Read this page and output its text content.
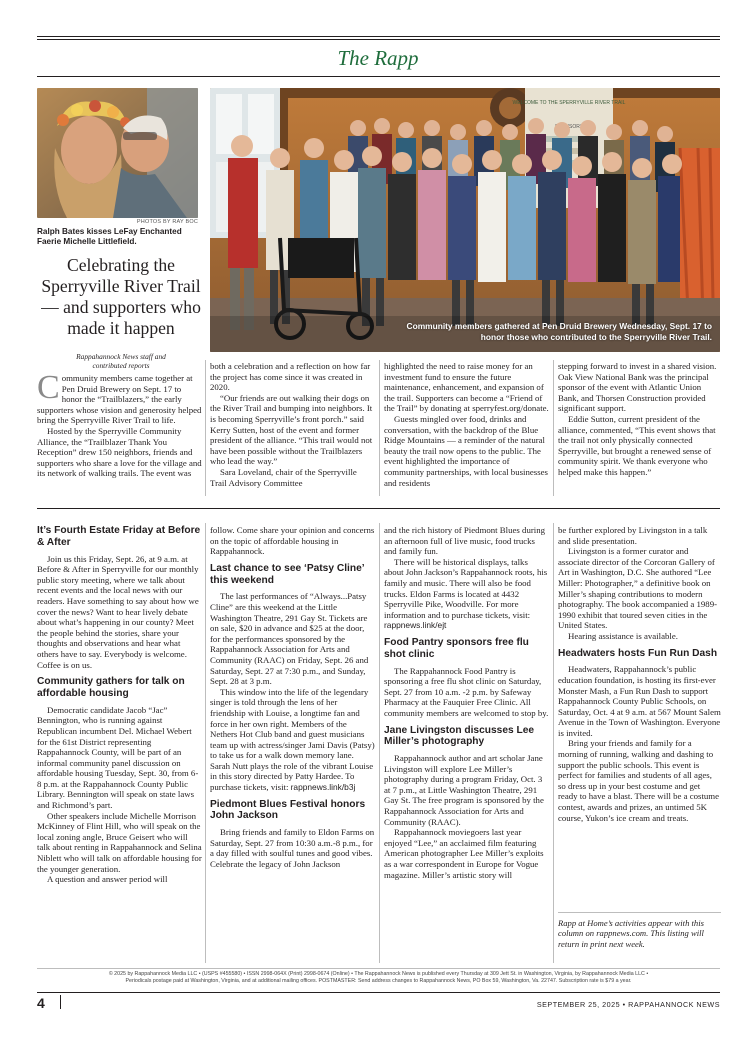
The Rapp
PHOTOS BY RAY BOC
Ralph Bates kisses LeFay Enchanted Faerie Michelle Littlefield.
WELCOME TO THE SPERRYVILLE RIVER TRAIL
Community members gathered at Pen Druid Brewery Wednesday, Sept. 17 to honor those who contributed to the Sperryville River Trail.
Celebrating the Sperryville River Trail — and supporters who made it happen
Rappahannock News staff and contributed reports

Community members came together at Pen Druid Brewery on Sept. 17 to honor the “Trailblazers,” the early supporters whose vision and generosity helped bring the Sperryville River Trail to life.

Hosted by the Sperryville Community Alliance, the “Trailblazer Thank You Reception” drew 150 neighbors, friends and supporters who share a love for the village and its network of walking trails. The event was

both a celebration and a reflection on how far the project has come since it was created in 2020.

“Our friends are out walking their dogs on the River Trail and bumping into neighbors. It is becoming Sperryville’s front porch.” said Kerry Sutten, host of the event and former president of the alliance. “This trail would not have been possible without the Trailblazers who lead the way.”

Sara Loveland, chair of the Sperryville Trail Advisory Committee

highlighted the need to raise money for an investment fund to ensure the future maintenance, enhancement, and expansion of the trail. Supporters can become a “Friend of the Trail” by donating at sperryfest.org/donate.

Guests mingled over food, drinks and conversation, with the backdrop of the Blue Ridge Mountains — a reminder of the natural beauty the trail now opens to the public. The event highlighted the importance of community partnerships, with local businesses and residents

stepping forward to invest in a shared vision. Oak View National Bank was the principal sponsor of the event with Atlantic Union Bank, and Thorsen Construction provided significant support.

Eddie Sutton, current president of the alliance, commented, “This event shows that the trail not only physically connected Sperryville, but brought a renewed sense of community spirit. We thank everyone who helped make this happen.”

It’s Fourth Estate Friday at Before & After

Join us this Friday, Sept. 26, at 9 a.m. at Before & After in Sperryville for our monthly public story meeting, where we talk about recent events and the local news with our readers. Have something to say about how we cover the news? Want to hear lively debate about what’s happening in our county? Meet the people behind the stories, share your thoughts and observations and hear what others have to say. Everybody is welcome. Coffee is on us.

Community gathers for talk on affordable housing

Democratic candidate Jacob “Jac” Bennington, who is running against Republican incumbent Del. Michael Webert for the 61st District representing Rappahannock County, will be part of an informal community panel discussion on affordable housing Tuesday, Sept. 30, from 6-8 p.m. at the Rappahannock County Public Library. Bennington will speak on state laws and Richmond’s part.

Other speakers include Michelle Morrison McKinney of Flint Hill, who will speak on the local zoning angle, Bruce Geisert who will talk about renting in Rappahannock and Selina Niblett who will talk on affordable housing for the younger generation.

A question and answer period will

follow. Come share your opinion and concerns on the topic of affordable housing in Rappahannock.

Last chance to see ‘Patsy Cline’ this weekend

The last performances of “Always...Patsy Cline” are this weekend at the Little Washington Theatre, 291 Gay St. Tickets are on sale, $20 in advance and $25 at the door, for the performances sponsored by the Rappahannock Association for Arts and Community (RAAC) on Friday, Sept. 26 and Saturday, Sept. 27 at 7:30 p.m., and Sunday, Sept. 28 at 3 p.m.

This window into the life of the legendary singer is told through the lens of her friendship with Louise, a longtime fan and force in her own right. Members of the Nethers Hot Club band and guest musicians team up with actress/singer Jami Davis (Patsy) to take us for a walk down memory lane. Sarah Nutt plays the role of the vibrant Louise in this story directed by Patty Hardee. To purchase tickets, visit: rappnews.link/b3j

Piedmont Blues Festival honors John Jackson

Bring friends and family to Eldon Farms on Saturday, Sept. 27 from 10:30 a.m.-8 p.m., for a day filled with soulful tunes and good vibes. Celebrate the legacy of John Jackson

and the rich history of Piedmont Blues during an afternoon full of live music, food trucks and family fun.

There will be historical displays, talks about John Jackson’s Rappahannock roots, his family and music. There will also be food trucks. Eldon Farms is located at 4432 Sperryville Pike, Woodville. For more information and to purchase tickets, visit: rappnews.link/ejt

Food Pantry sponsors free flu shot clinic

The Rappahannock Food Pantry is sponsoring a free flu shot clinic on Saturday, Sept. 27 from 10 a.m. -2 p.m. by Safeway Pharmacy at the Fauquier Free Clinic. All community members are welcomed to stop by.

Jane Livingston discusses Lee Miller’s photography

Rappahannock author and art scholar Jane Livingston will explore Lee Miller’s photography during a program Friday, Oct. 3 at 7 p.m., at Little Washington Theatre, 291 Gay St. The free program is sponsored by the Rappahannock Association for Arts and Community (RAAC).

Rappahannock moviegoers last year enjoyed “Lee,” an acclaimed film featuring American photographer Lee Miller’s exploits as a war correspondent in Europe for Vogue magazine. Miller’s artistic story will

be further explored by Livingston in a talk and slide presentation.

Livingston is a former curator and associate director of the Corcoran Gallery of Art in Washington, D.C. She authored “Lee Miller: Photographer,” a definitive book on Miller’s shaping contributions to modern photography. The book accompanied a 1989-1990 exhibit that toured seven cities in the United States.

Hearing assistance is available.

Headwaters hosts Fun Run Dash

Headwaters, Rappahannock’s public education foundation, is hosting its first-ever Monster Mash, a Fun Run Dash to support Rappahannock County Public Schools, on Saturday, Oct. 4 at 9 a.m. at 567 Mount Salem Avenue in the Town of Washington. Everyone is invited.

Bring your friends and family for a morning of running, walking and dashing to support the public schools. This event is perfect for families and students of all ages, so dress up in your best costume and get ready to have a blast. There will be a costume contest, awards and prizes, an untimed 5K course, Yukon’s ice cream and treats.

Rapp at Home’s activities appear with this column on rappnews.com. This listing will return in print next week.
© 2025 by Rappahannock Media LLC • (USPS #455580) • ISSN 2998-064X (Print) 2998-0674 (Online) • The Rappahannock News is published every Thursday at 309 Jett St. in Washington, Virginia, by Rappahannock Media LLC •
Periodicals postage paid at Washington, Virginia, and at additional mailing offices. POSTMASTER: Send address changes to Rappahannock News, PO Box 59, Washington, Va. 22747. Subscription rate is $79 a year.
4	SEPTEMBER 25, 2025 • RAPPAHANNOCK NEWS
